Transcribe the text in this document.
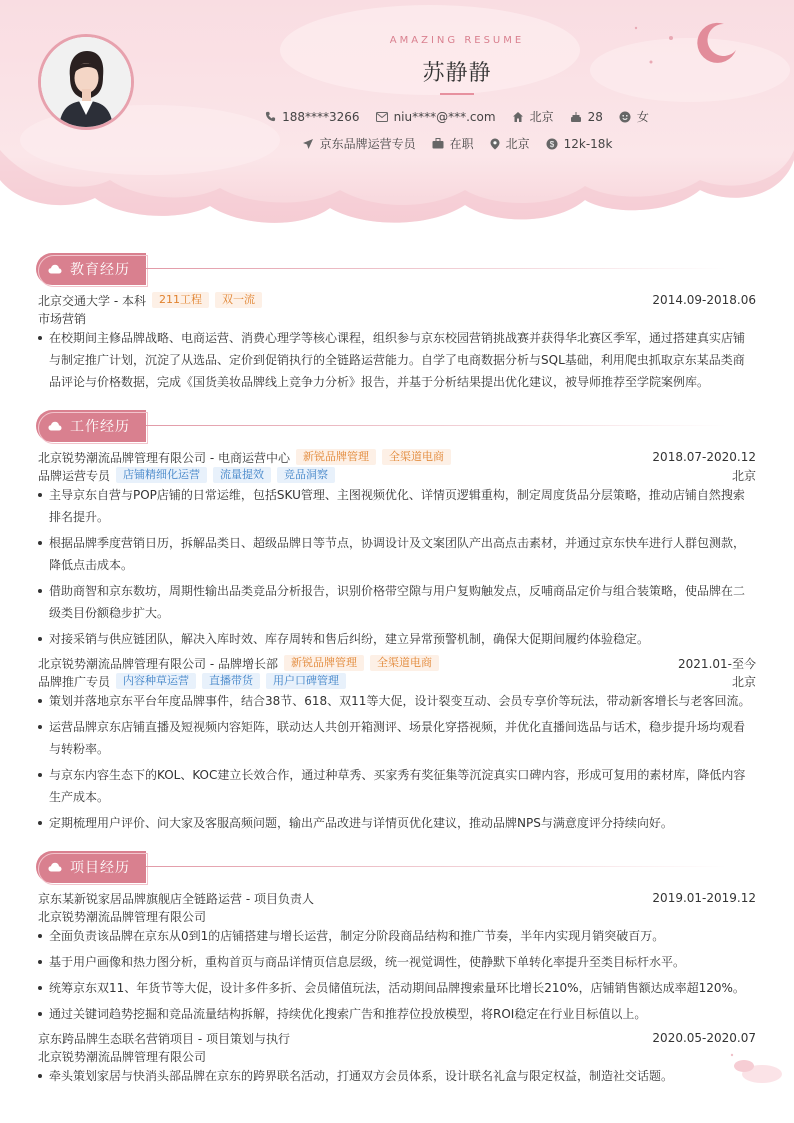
AMAZING RESUME
苏静静
188****3266	niu****@***.com	北京	28	女
京东品牌运营专员	在职	北京 $ 12k-18k
教育经历
北京交通大学 - 本科	211工程	双一流	2014.09-2018.06
市场营销
在校期间主修品牌战略、电商运营、消费心理学等核心课程，组织参与京东校园营销挑战赛并获得华北赛区季军，通过搭建真实店铺与制定推广计划，沉淀了从选品、定价到促销执行的全链路运营能力。自学了电商数据分析与SQL基础，利用爬虫抓取京东某品类商品评论与价格数据，完成《国货美妆品牌线上竞争力分析》报告，并基于分析结果提出优化建议，被导师推荐至学院案例库。
工作经历
北京锐势潮流品牌管理有限公司 - 电商运营中心	新锐品牌管理	全渠道电商	2018.07-2020.12
品牌运营专员	店铺精细化运营	流量提效	竞品洞察	北京
主导京东自营与POP店铺的日常运维，包括SKU管理、主图视频优化、详情页逻辑重构，制定周度货品分层策略，推动店铺自然搜索排名提升。
根据品牌季度营销日历，拆解品类日、超级品牌日等节点，协调设计及文案团队产出高点击素材，并通过京东快车进行人群包测款，降低点击成本。
借助商智和京东数坊，周期性输出品类竞品分析报告，识别价格带空隙与用户复购触发点，反哺商品定价与组合装策略，使品牌在二级类目份额稳步扩大。
对接采销与供应链团队，解决入库时效、库存周转和售后纠纷，建立异常预警机制，确保大促期间履约体验稳定。
北京锐势潮流品牌管理有限公司 - 品牌增长部	新锐品牌管理	全渠道电商	2021.01-至今
品牌推广专员	内容种草运营	直播带货	用户口碑管理	北京
策划并落地京东平台年度品牌事件，结合38节、618、双11等大促，设计裂变互动、会员专享价等玩法，带动新客增长与老客回流。
运营品牌京东店铺直播及短视频内容矩阵，联动达人共创开箱测评、场景化穿搭视频，并优化直播间选品与话术，稳步提升场均观看与转粉率。
与京东内容生态下的KOL、KOC建立长效合作，通过种草秀、买家秀有奖征集等沉淀真实口碑内容，形成可复用的素材库，降低内容生产成本。
定期梳理用户评价、问大家及客服高频问题，输出产品改进与详情页优化建议，推动品牌NPS与满意度评分持续向好。
项目经历
京东某新锐家居品牌旗舰店全链路运营 - 项目负责人	2019.01-2019.12
北京锐势潮流品牌管理有限公司
全面负责该品牌在京东从0到1的店铺搭建与增长运营，制定分阶段商品结构和推广节奏，半年内实现月销突破百万。
基于用户画像和热力图分析，重构首页与商品详情页信息层级，统一视觉调性，使静默下单转化率提升至类目标杆水平。
统筹京东双11、年货节等大促，设计多件多折、会员储值玩法，活动期间品牌搜索量环比增长210%，店铺销售额达成率超120%。
通过关键词趋势挖掘和竞品流量结构拆解，持续优化搜索广告和推荐位投放模型，将ROI稳定在行业目标值以上。
京东跨品牌生态联名营销项目 - 项目策划与执行	2020.05-2020.07
北京锐势潮流品牌管理有限公司
牵头策划家居与快消头部品牌在京东的跨界联名活动，打通双方会员体系，设计联名礼盒与限定权益，制造社交话题。
